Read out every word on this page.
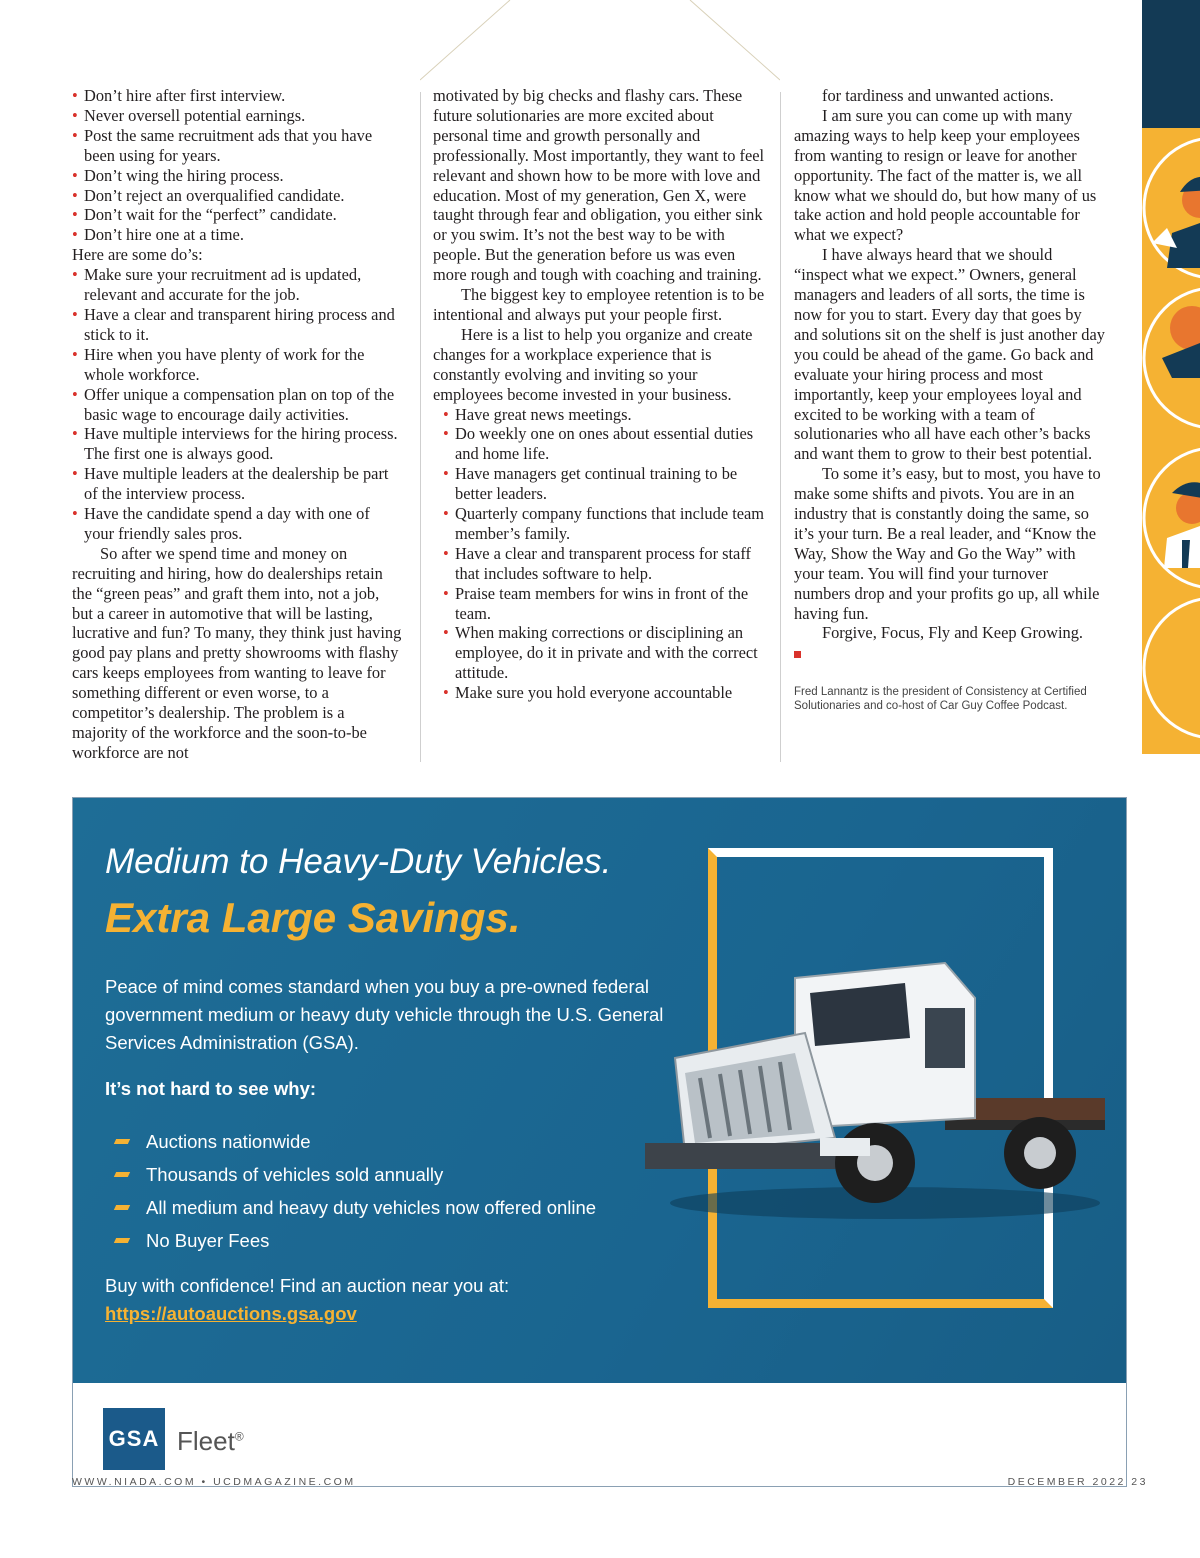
• Don’t hire after first interview.
• Never oversell potential earnings.
• Post the same recruitment ads that you have been using for years.
• Don’t wing the hiring process.
• Don’t reject an overqualified candidate.
• Don’t wait for the “perfect” candidate.
• Don’t hire one at a time.

Here are some do’s:

• Make sure your recruitment ad is updated, relevant and accurate for the job.
• Have a clear and transparent hiring process and stick to it.
• Hire when you have plenty of work for the whole workforce.
• Offer unique a compensation plan on top of the basic wage to encourage daily activities.
• Have multiple interviews for the hiring process. The first one is always good.
• Have multiple leaders at the dealership be part of the interview process.
• Have the candidate spend a day with one of your friendly sales pros.

So after we spend time and money on recruiting and hiring, how do dealerships retain the “green peas” and graft them into, not a job, but a career in automotive that will be lasting, lucrative and fun? To many, they think just having good pay plans and pretty showrooms with flashy cars keeps employees from wanting to leave for something different or even worse, to a competitor’s dealership. The problem is a majority of the workforce and the soon-to-be workforce are not

motivated by big checks and flashy cars. These future solutionaries are more excited about personal time and growth personally and professionally. Most importantly, they want to feel relevant and shown how to be more with love and education. Most of my generation, Gen X, were taught through fear and obligation, you either sink or you swim. It’s not the best way to be with people. But the generation before us was even more rough and tough with coaching and training.

The biggest key to employee retention is to be intentional and always put your people first.

Here is a list to help you organize and create changes for a workplace experience that is constantly evolving and inviting so your employees become invested in your business.

• Have great news meetings.
• Do weekly one on ones about essential duties and home life.
• Have managers get continual training to be better leaders.
• Quarterly company functions that include team member’s family.
• Have a clear and transparent process for staff that includes software to help.
• Praise team members for wins in front of the team.
• When making corrections or disciplining an employee, do it in private and with the correct attitude.
• Make sure you hold everyone accountable

for tardiness and unwanted actions.

I am sure you can come up with many amazing ways to help keep your employees from wanting to resign or leave for another opportunity. The fact of the matter is, we all know what we should do, but how many of us take action and hold people accountable for what we expect?

I have always heard that we should “inspect what we expect.” Owners, general managers and leaders of all sorts, the time is now for you to start. Every day that goes by and solutions sit on the shelf is just another day you could be ahead of the game. Go back and evaluate your hiring process and most importantly, keep your employees loyal and excited to be working with a team of solutionaries who all have each other’s backs and want them to grow to their best potential.

To some it’s easy, but to most, you have to make some shifts and pivots. You are in an industry that is constantly doing the same, so it’s your turn. Be a real leader, and “Know the Way, Show the Way and Go the Way” with your team. You will find your turnover numbers drop and your profits go up, all while having fun.

Forgive, Focus, Fly and Keep Growing.

Fred Lannantz is the president of Consistency at Certified Solutionaries and co-host of Car Guy Coffee Podcast.

Medium to Heavy-Duty Vehicles.
Extra Large Savings.
Peace of mind comes standard when you buy a pre-owned federal government medium or heavy duty vehicle through the U.S. General Services Administration (GSA).
It’s not hard to see why:
Auctions nationwide
Thousands of vehicles sold annually
All medium and heavy duty vehicles now offered online
No Buyer Fees
Buy with confidence! Find an auction near you at:
https://autoauctions.gsa.gov
GSA Fleet®
WWW.NIADA.COM • UCDMAGAZINE.COM	DECEMBER 2022 23
